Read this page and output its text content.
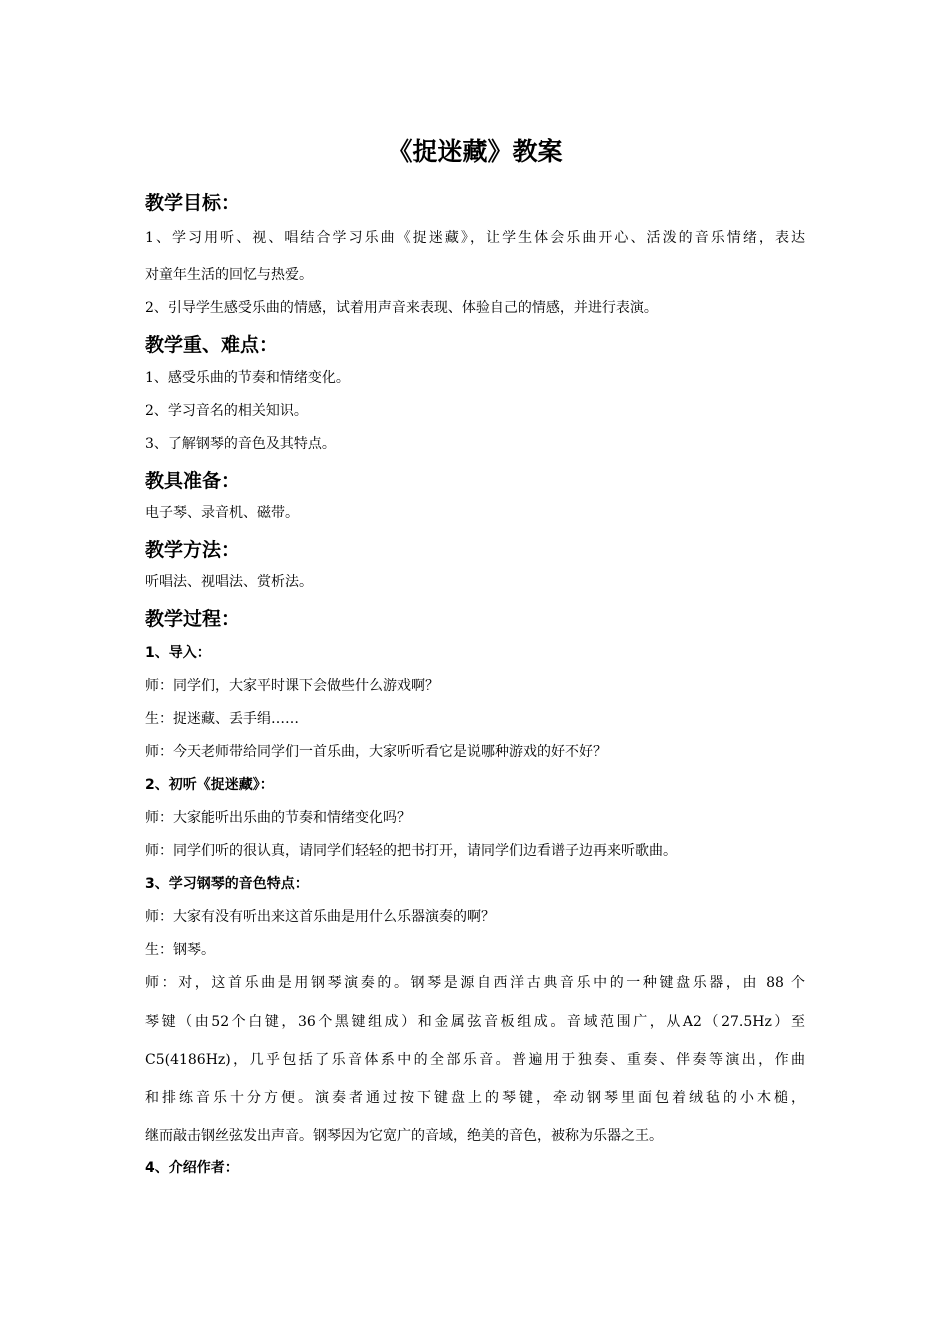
《捉迷藏》教案
教学目标：
1、学习用听、视、唱结合学习乐曲《捉迷藏》，让学生体会乐曲开心、活泼的音乐情绪，表达
对童年生活的回忆与热爱。
2、引导学生感受乐曲的情感，试着用声音来表现、体验自己的情感，并进行表演。
教学重、难点：
1、感受乐曲的节奏和情绪变化。
2、学习音名的相关知识。
3、了解钢琴的音色及其特点。
教具准备：
电子琴、录音机、磁带。
教学方法：
听唱法、视唱法、赏析法。
教学过程：
1、导入：
师：同学们，大家平时课下会做些什么游戏啊？
生：捉迷藏、丢手绢……
师：今天老师带给同学们一首乐曲，大家听听看它是说哪种游戏的好不好？
2、初听《捉迷藏》：
师：大家能听出乐曲的节奏和情绪变化吗？
师：同学们听的很认真，请同学们轻轻的把书打开，请同学们边看谱子边再来听歌曲。
3、学习钢琴的音色特点：
师：大家有没有听出来这首乐曲是用什么乐器演奏的啊？
生：钢琴。
师：对，这首乐曲是用钢琴演奏的。钢琴是源自西洋古典音乐中的一种键盘乐器，由 88 个
琴键（由52个白键，36个黑键组成）和金属弦音板组成。音域范围广，从A2（27.5Hz）至
C5(4186Hz)，几乎包括了乐音体系中的全部乐音。普遍用于独奏、重奏、伴奏等演出，作曲
和排练音乐十分方便。演奏者通过按下键盘上的琴键，牵动钢琴里面包着绒毡的小木槌，
继而敲击钢丝弦发出声音。钢琴因为它宽广的音域，绝美的音色，被称为乐器之王。
4、介绍作者：
